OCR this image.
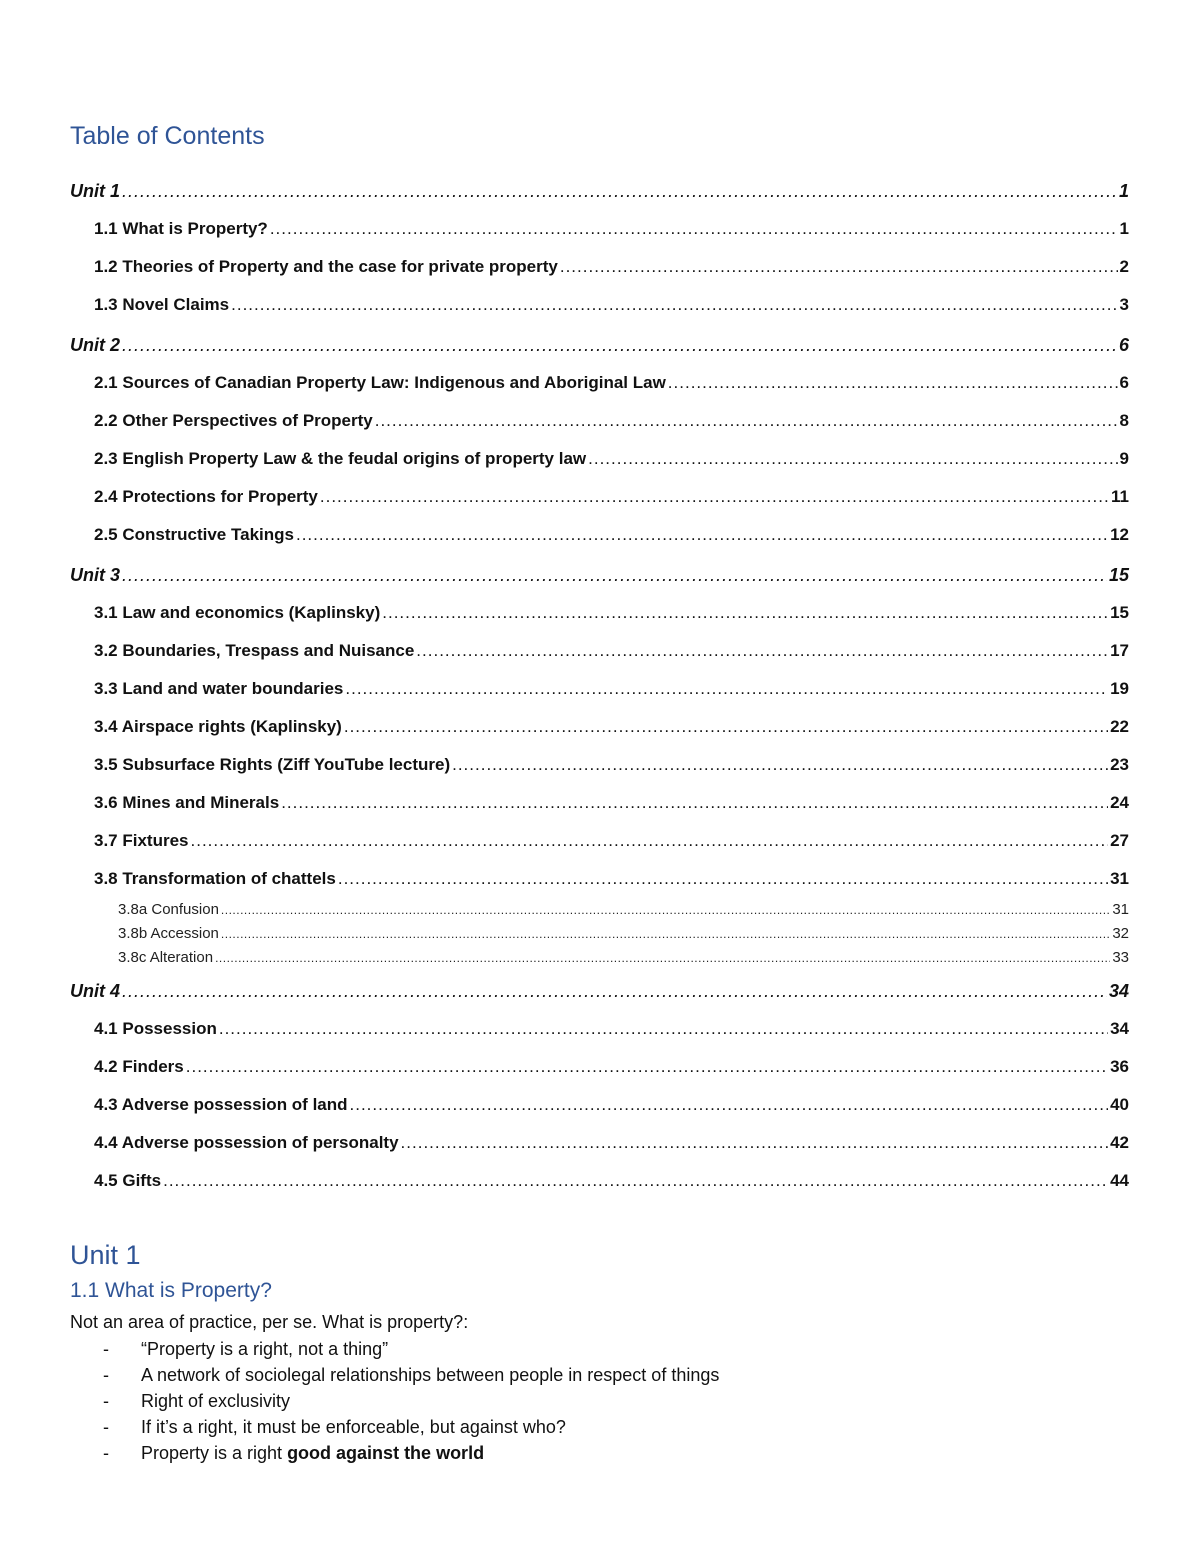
Table of Contents
Unit 1 .....	1
1.1 What is Property? .....	1
1.2 Theories of Property and the case for private property .....	2
1.3 Novel Claims .....	3
Unit 2 .....	6
2.1 Sources of Canadian Property Law: Indigenous and Aboriginal Law .....	6
2.2 Other Perspectives of Property .....	8
2.3 English Property Law & the feudal origins of property law .....	9
2.4 Protections for Property .....	11
2.5 Constructive Takings .....	12
Unit 3 .....	15
3.1 Law and economics (Kaplinsky) .....	15
3.2 Boundaries, Trespass and Nuisance .....	17
3.3 Land and water boundaries .....	19
3.4 Airspace rights (Kaplinsky) .....	22
3.5 Subsurface Rights (Ziff YouTube lecture) .....	23
3.6 Mines and Minerals .....	24
3.7 Fixtures .....	27
3.8 Transformation of chattels .....	31
3.8a Confusion .....	31
3.8b Accession .....	32
3.8c Alteration .....	33
Unit 4 .....	34
4.1 Possession .....	34
4.2 Finders .....	36
4.3 Adverse possession of land .....	40
4.4 Adverse possession of personalty .....	42
4.5 Gifts .....	44
Unit 1
1.1 What is Property?
Not an area of practice, per se. What is property?:
- “Property is a right, not a thing”
- A network of sociolegal relationships between people in respect of things
- Right of exclusivity
- If it’s a right, it must be enforceable, but against who?
- Property is a right good against the world
